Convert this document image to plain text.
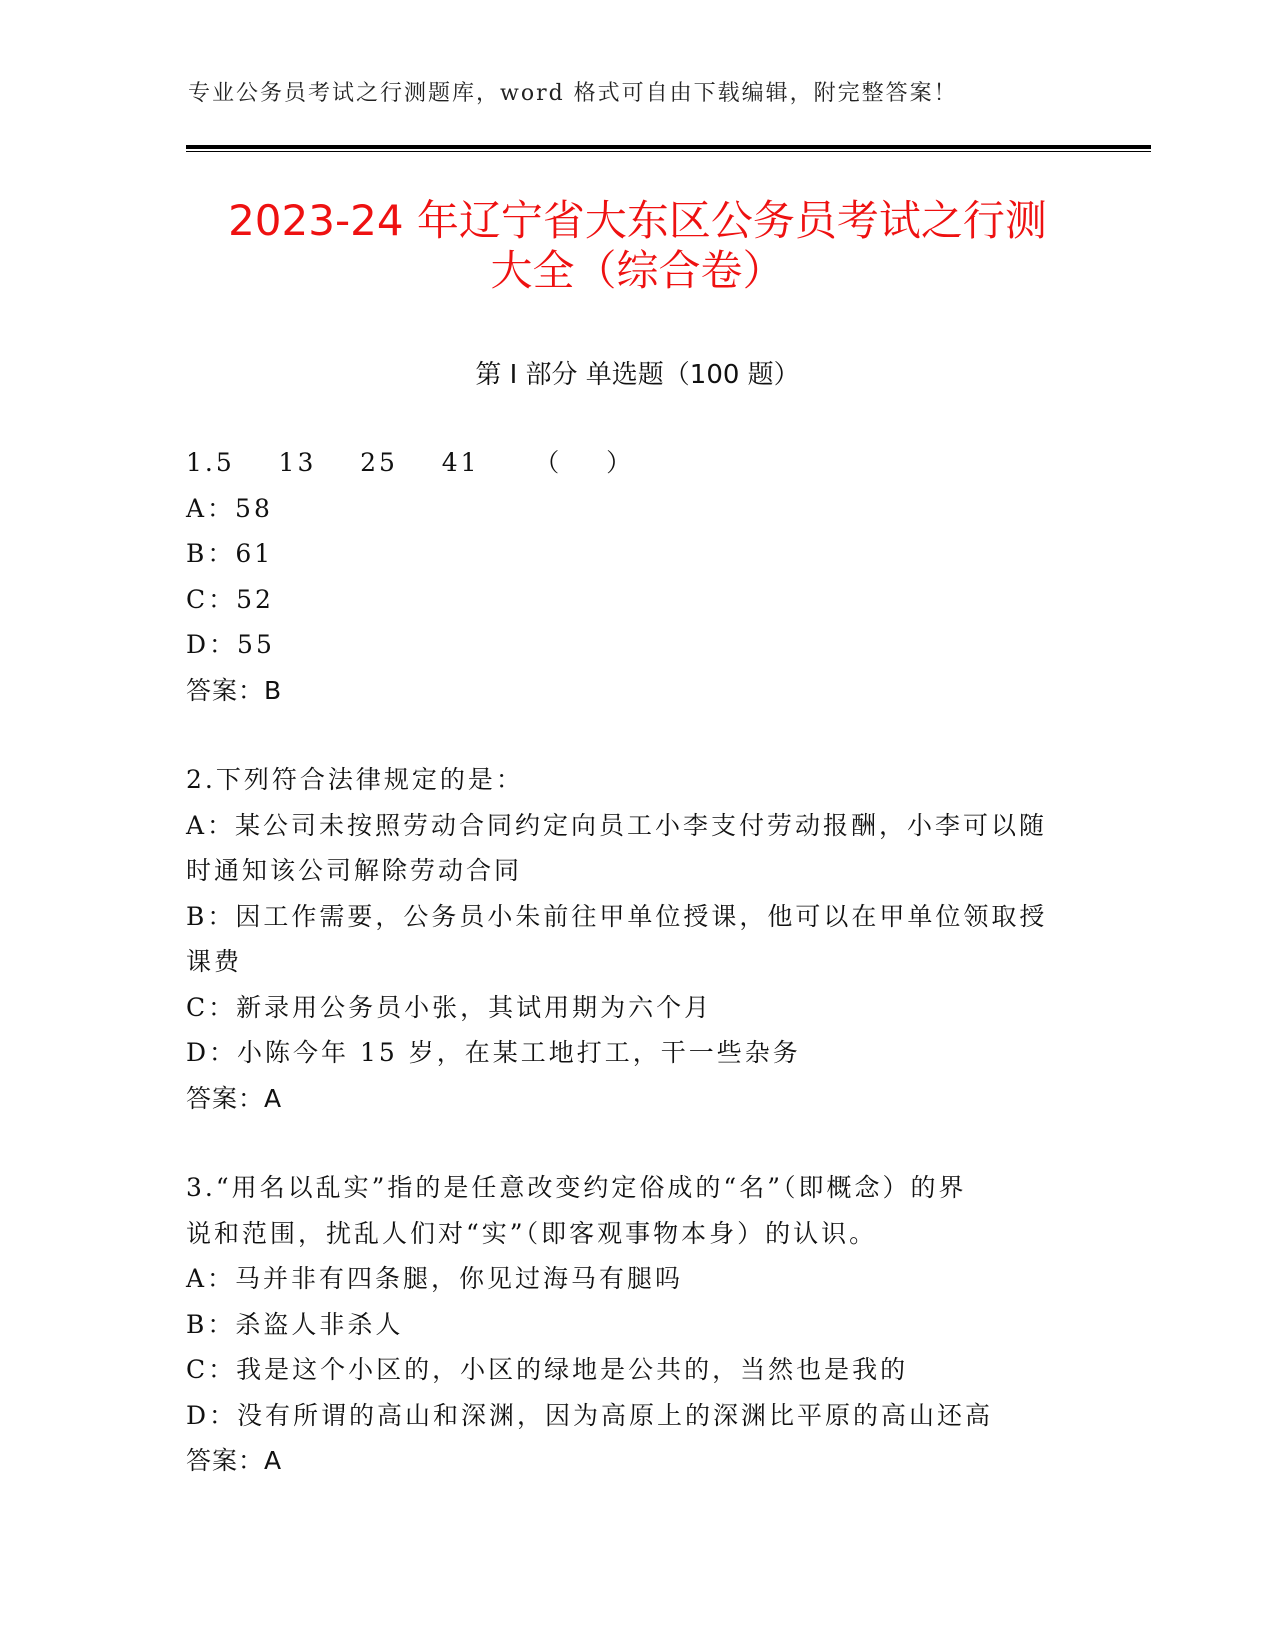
专业公务员考试之行测题库，word 格式可自由下载编辑，附完整答案！
2023-24 年辽宁省大东区公务员考试之行测
大全（综合卷）
第 I 部分 单选题（100 题）
1.5    13    25    41     （    ）
A：58
B：61
C：52
D：55
答案：B
2.下列符合法律规定的是：
A：某公司未按照劳动合同约定向员工小李支付劳动报酬，小李可以随
时通知该公司解除劳动合同
B：因工作需要，公务员小朱前往甲单位授课，他可以在甲单位领取授
课费
C：新录用公务员小张，其试用期为六个月
D：小陈今年 15 岁，在某工地打工，干一些杂务
答案：A
3.“用名以乱实”指的是任意改变约定俗成的“名”（即概念）的界
说和范围，扰乱人们对“实”（即客观事物本身）的认识。
A：马并非有四条腿，你见过海马有腿吗
B：杀盗人非杀人
C：我是这个小区的，小区的绿地是公共的，当然也是我的
D：没有所谓的高山和深渊，因为高原上的深渊比平原的高山还高
答案：A
